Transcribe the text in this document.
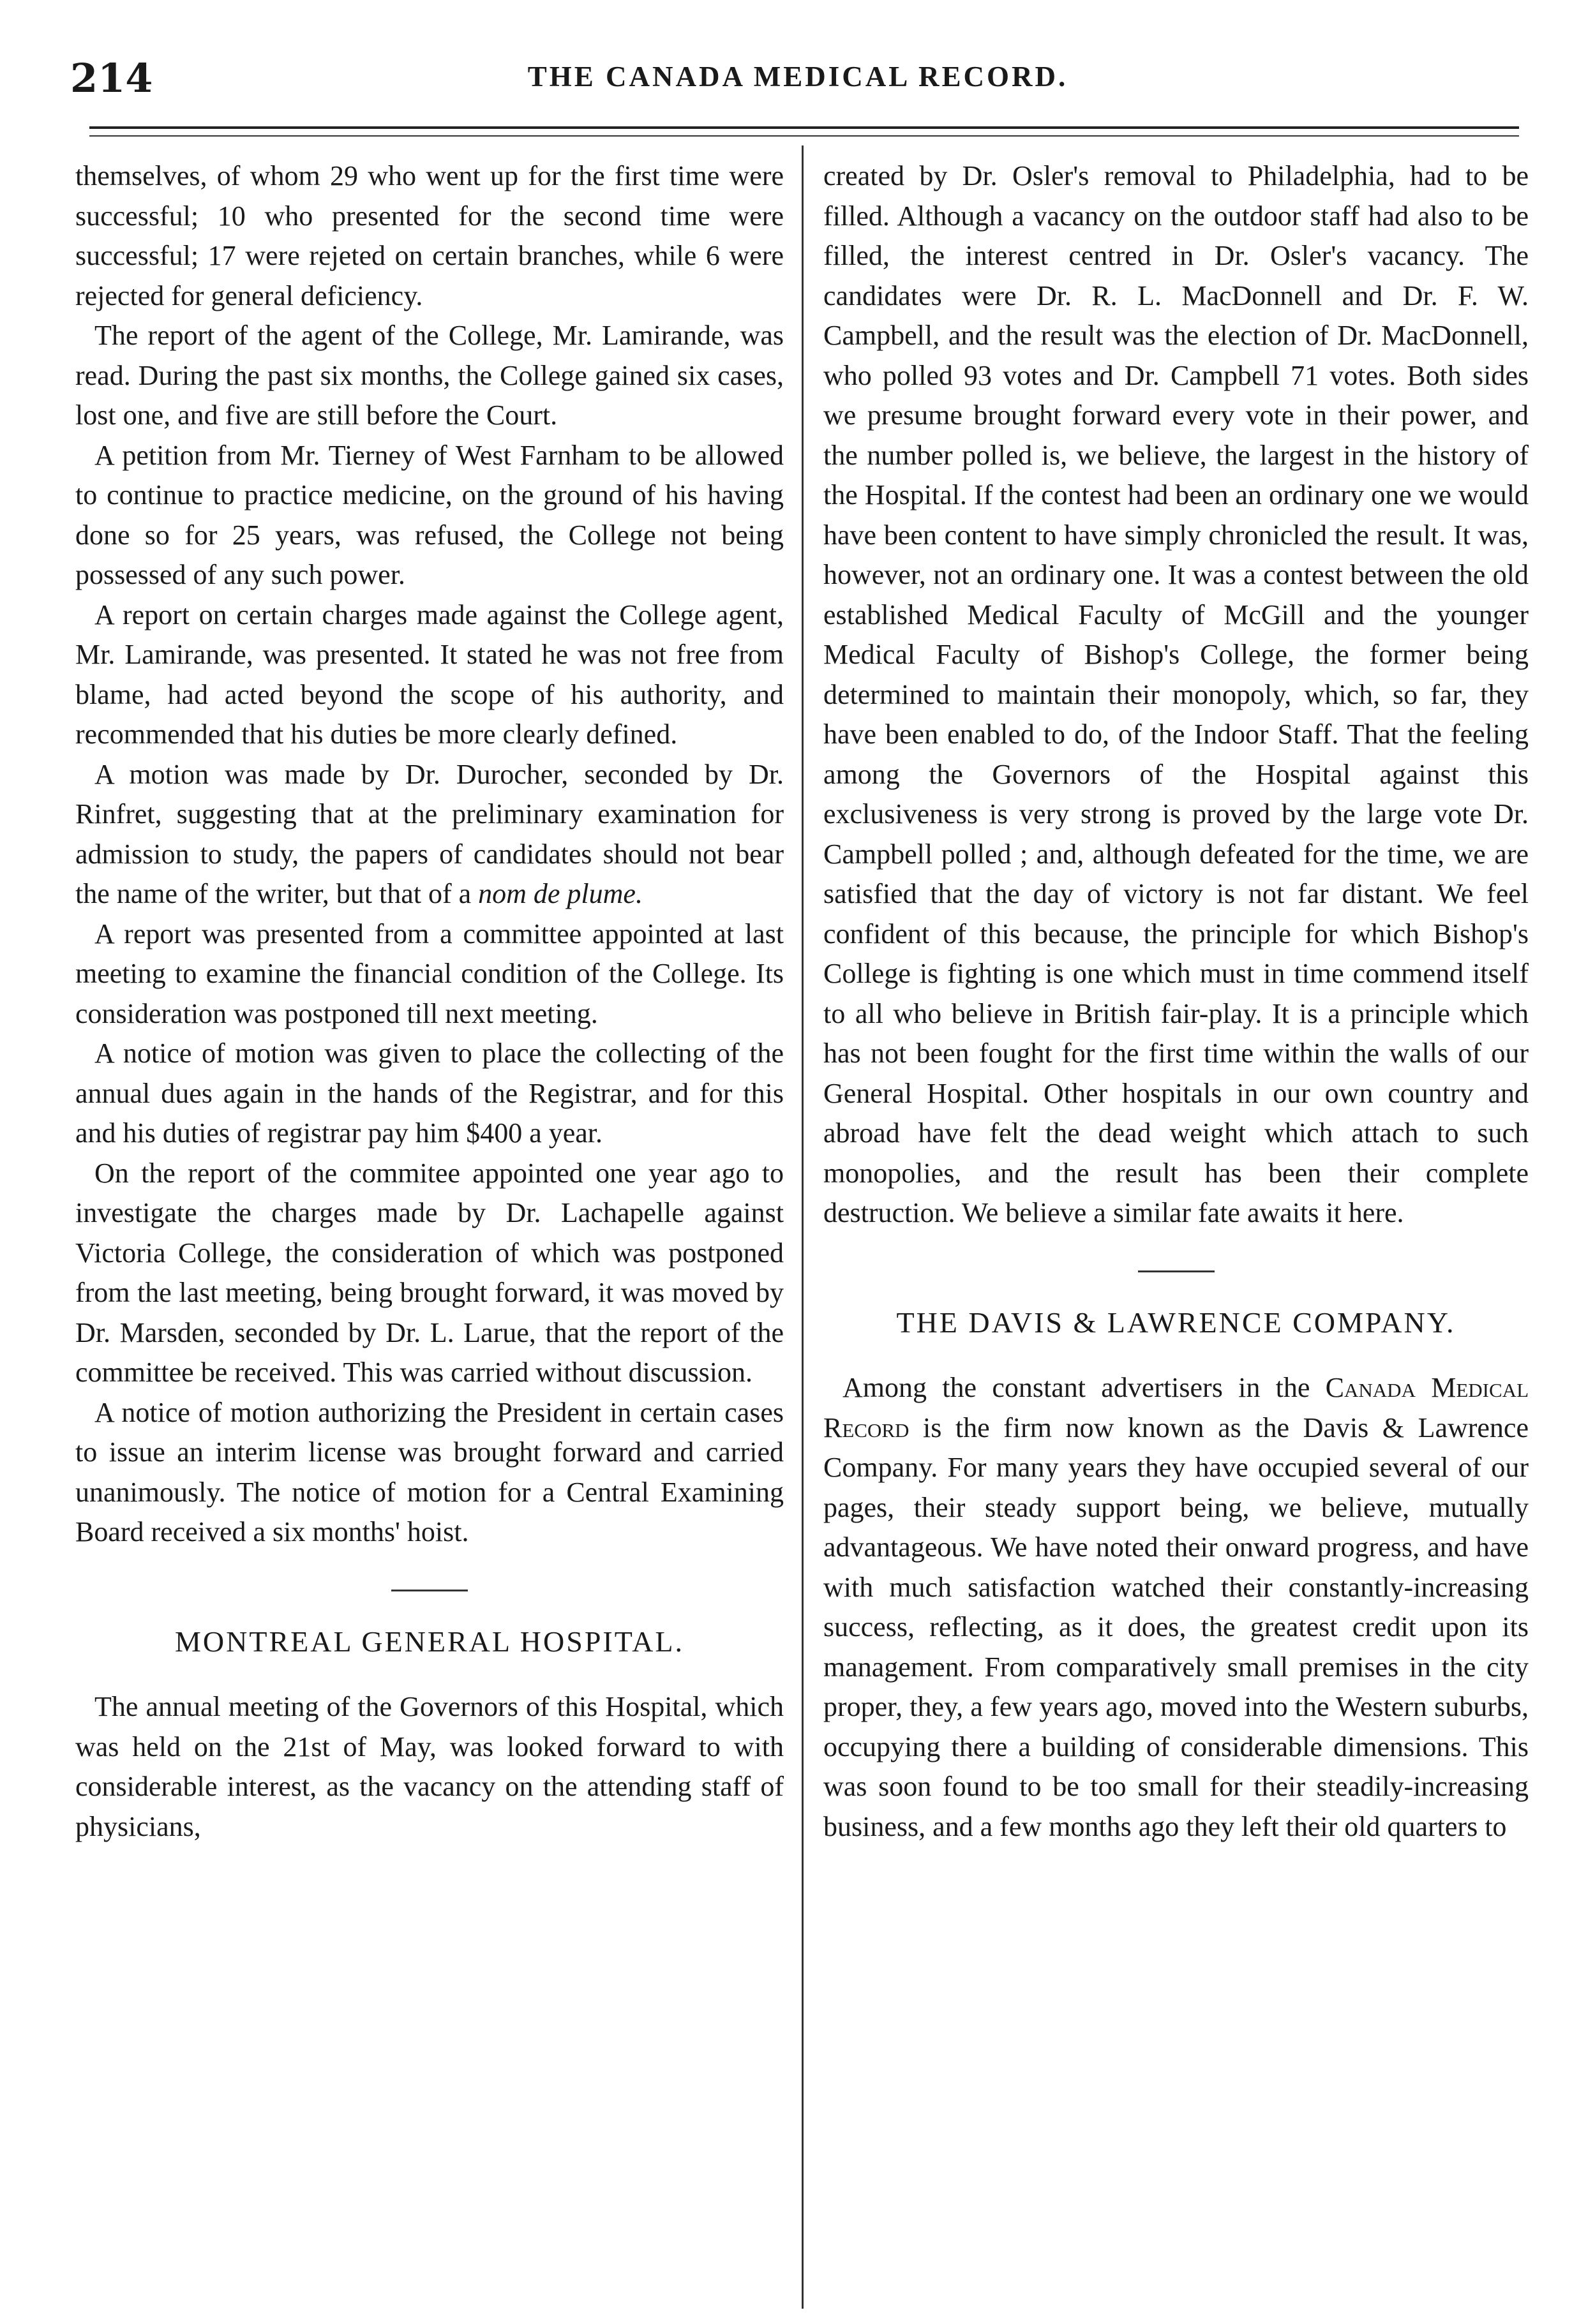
214	THE CANADA MEDICAL RECORD.

themselves, of whom 29 who went up for the first time were successful; 10 who presented for the second time were successful; 17 were rejeted on certain branches, while 6 were rejected for general deficiency.

The report of the agent of the College, Mr. Lamirande, was read. During the past six months, the College gained six cases, lost one, and five are still before the Court.

A petition from Mr. Tierney of West Farnham to be allowed to continue to practice medicine, on the ground of his having done so for 25 years, was refused, the College not being possessed of any such power.

A report on certain charges made against the College agent, Mr. Lamirande, was presented. It stated he was not free from blame, had acted beyond the scope of his authority, and recommended that his duties be more clearly defined.

A motion was made by Dr. Durocher, seconded by Dr. Rinfret, suggesting that at the preliminary examination for admission to study, the papers of candidates should not bear the name of the writer, but that of a nom de plume.

A report was presented from a committee appointed at last meeting to examine the financial condition of the College. Its consideration was postponed till next meeting.

A notice of motion was given to place the collecting of the annual dues again in the hands of the Registrar, and for this and his duties of registrar pay him $400 a year.

On the report of the commitee appointed one year ago to investigate the charges made by Dr. Lachapelle against Victoria College, the consideration of which was postponed from the last meeting, being brought forward, it was moved by Dr. Marsden, seconded by Dr. L. Larue, that the report of the committee be received. This was carried without discussion.

A notice of motion authorizing the President in certain cases to issue an interim license was brought forward and carried unanimously. The notice of motion for a Central Examining Board received a six months' hoist.

MONTREAL GENERAL HOSPITAL.

The annual meeting of the Governors of this Hospital, which was held on the 21st of May, was looked forward to with considerable interest, as the vacancy on the attending staff of physicians,

created by Dr. Osler's removal to Philadelphia, had to be filled. Although a vacancy on the outdoor staff had also to be filled, the interest centred in Dr. Osler's vacancy. The candidates were Dr. R. L. MacDonnell and Dr. F. W. Campbell, and the result was the election of Dr. MacDonnell, who polled 93 votes and Dr. Campbell 71 votes. Both sides we presume brought forward every vote in their power, and the number polled is, we believe, the largest in the history of the Hospital. If the contest had been an ordinary one we would have been content to have simply chronicled the result. It was, however, not an ordinary one. It was a contest between the old established Medical Faculty of McGill and the younger Medical Faculty of Bishop's College, the former being determined to maintain their monopoly, which, so far, they have been enabled to do, of the Indoor Staff. That the feeling among the Governors of the Hospital against this exclusiveness is very strong is proved by the large vote Dr. Campbell polled ; and, although defeated for the time, we are satisfied that the day of victory is not far distant. We feel confident of this because, the principle for which Bishop's College is fighting is one which must in time commend itself to all who believe in British fair-play. It is a principle which has not been fought for the first time within the walls of our General Hospital. Other hospitals in our own country and abroad have felt the dead weight which attach to such monopolies, and the result has been their complete destruction. We believe a similar fate awaits it here.

THE DAVIS & LAWRENCE COMPANY.

Among the constant advertisers in the Canada Medical Record is the firm now known as the Davis & Lawrence Company. For many years they have occupied several of our pages, their steady support being, we believe, mutually advantageous. We have noted their onward progress, and have with much satisfaction watched their constantly-increasing success, reflecting, as it does, the greatest credit upon its management. From comparatively small premises in the city proper, they, a few years ago, moved into the Western suburbs, occupying there a building of considerable dimensions. This was soon found to be too small for their steadily-increasing business, and a few months ago they left their old quarters to
